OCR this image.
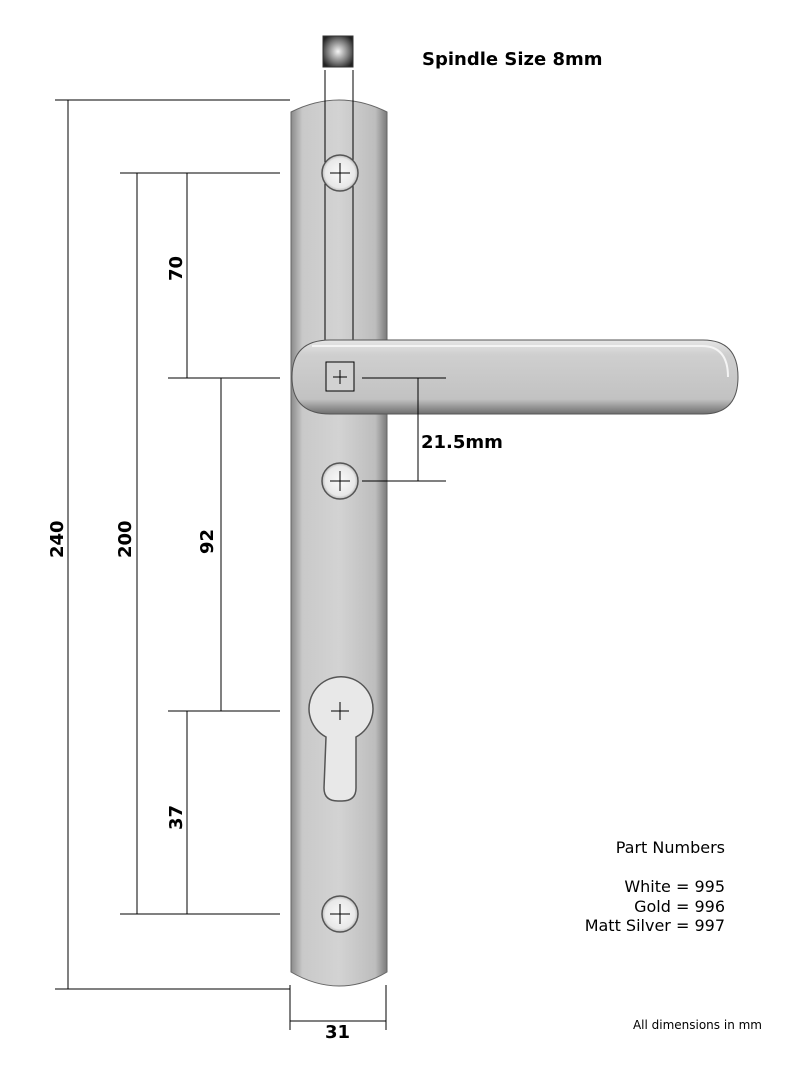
Spindle Size 8mm
21.5mm
240	200
70
92
37
31
Part Numbers
White = 995
Gold = 996
Matt Silver = 997
All dimensions in mm
